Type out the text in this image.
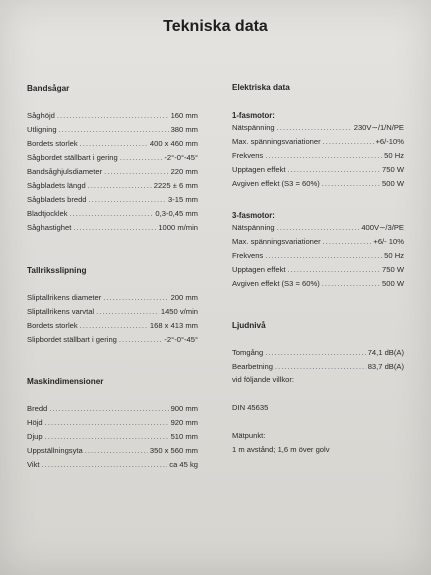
Tekniska data
Bandsågar
Såghöjd .....	160 mm
Utligning .....	380 mm
Bordets storlek .....	400 x 460 mm
Sågbordet ställbart i gering .....	-2°-0°-45°
Bandsåghjulsdiameter .....	220 mm
Sågbladets längd .....	2225 ± 6 mm
Sågbladets bredd .....	3-15 mm
Bladtjocklek .....	0,3-0,45 mm
Såghastighet .....	1000 m/min
Tallriksslipning
Sliptallrikens diameter .....	200 mm
Sliptallrikens varvtal .....	1450 v/min
Bordets storlek .....	168 x 413 mm
Slipbordet ställbart i gering .....	-2°-0°-45°
Maskindimensioner
Bredd .....	900 mm
Höjd .....	920 mm
Djup .....	510 mm
Uppställningsyta .....	350 x 560 mm
Vikt .....	ca 45 kg
Elektriska data
1-fasmotor:
Nätspänning .....	230V∼/1/N/PE
Max. spänningsvariationer .....	+6/-10%
Frekvens .....	50 Hz
Upptagen effekt .....	750 W
Avgiven effekt (S3 = 60%) .....	500 W
3-fasmotor:
Nätspänning .....	400V∼/3/PE
Max. spänningsvariationer .....	+6/- 10%
Frekvens .....	50 Hz
Upptagen effekt .....	750 W
Avgiven effekt (S3 = 60%) .....	500 W
Ljudnivå
Tomgång .....	74,1 dB(A)
Bearbetning .....	83,7 dB(A)
vid följande villkor:
DIN 45635
Mätpunkt:
1 m avstånd; 1,6 m över golv
